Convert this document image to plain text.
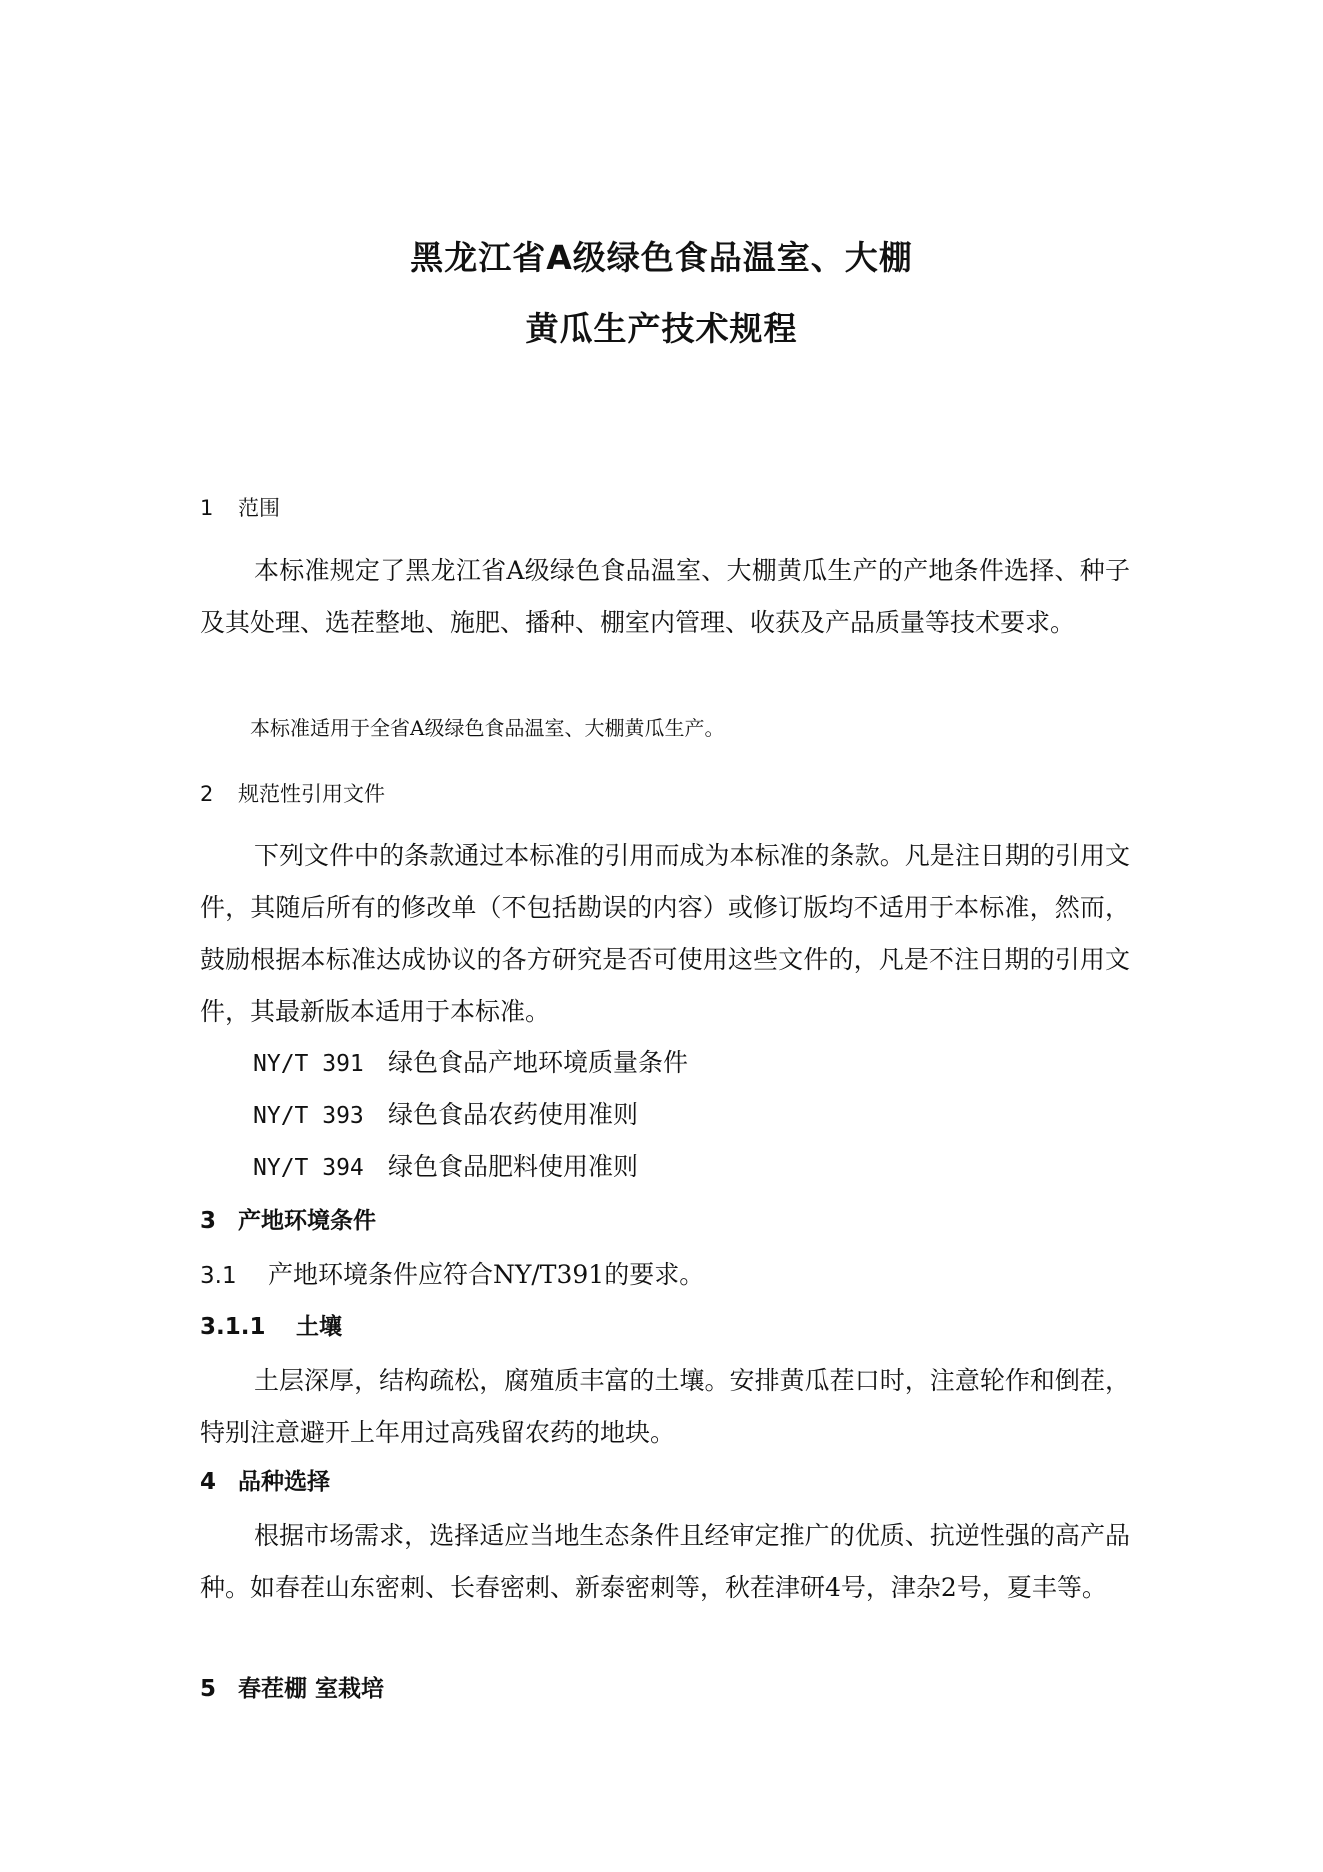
黑龙江省A级绿色食品温室、大棚
黄瓜生产技术规程
1 范围
本标准规定了黑龙江省A级绿色食品温室、大棚黄瓜生产的产地条件选择、种子及其处理、选茬整地、施肥、播种、棚室内管理、收获及产品质量等技术要求。
本标准适用于全省A级绿色食品温室、大棚黄瓜生产。
2 规范性引用文件
下列文件中的条款通过本标准的引用而成为本标准的条款。凡是注日期的引用文件，其随后所有的修改单（不包括勘误的内容）或修订版均不适用于本标准，然而，鼓励根据本标准达成协议的各方研究是否可使用这些文件的，凡是不注日期的引用文件，其最新版本适用于本标准。
NY/T 391 绿色食品产地环境质量条件
NY/T 393 绿色食品农药使用准则
NY/T 394 绿色食品肥料使用准则
3 产地环境条件
3.1 产地环境条件应符合NY/T391的要求。
3.1.1 土壤
土层深厚，结构疏松，腐殖质丰富的土壤。安排黄瓜茬口时，注意轮作和倒茬，特别注意避开上年用过高残留农药的地块。
4 品种选择
根据市场需求，选择适应当地生态条件且经审定推广的优质、抗逆性强的高产品种。如春茬山东密刺、长春密刺、新泰密刺等，秋茬津研4号，津杂2号，夏丰等。
5 春茬棚 室栽培
